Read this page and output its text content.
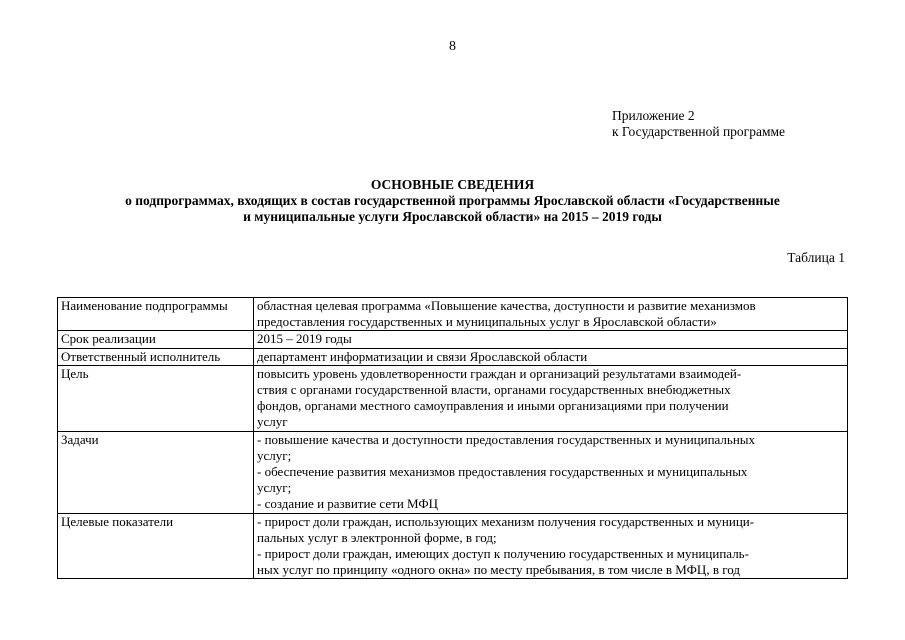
8
Приложение 2
к Государственной программе
ОСНОВНЫЕ СВЕДЕНИЯ
о подпрограммах, входящих в состав государственной программы Ярославской области «Государственные
и муниципальные услуги Ярославской области» на 2015 – 2019 годы
Таблица 1
Наименование подпрограммы	областная целевая программа «Повышение качества, доступности и развитие механизмов
предоставления государственных и муниципальных услуг в Ярославской области»

Срок реализации	2015 – 2019 годы

Ответственный исполнитель	департамент информатизации и связи Ярославской области

Цель	повысить уровень удовлетворенности граждан и организаций результатами взаимодей-
ствия с органами государственной власти, органами государственных внебюджетных
фондов, органами местного самоуправления и иными организациями при получении
услуг

Задачи	- повышение качества и доступности предоставления государственных и муниципальных
услуг;
- обеспечение развития механизмов предоставления государственных и муниципальных
услуг;
- создание и развитие сети МФЦ

Целевые показатели	- прирост доли граждан, использующих механизм получения государственных и муници-
пальных услуг в электронной форме, в год;
- прирост доли граждан, имеющих доступ к получению государственных и муниципаль-
ных услуг по принципу «одного окна» по месту пребывания, в том числе в МФЦ, в год
